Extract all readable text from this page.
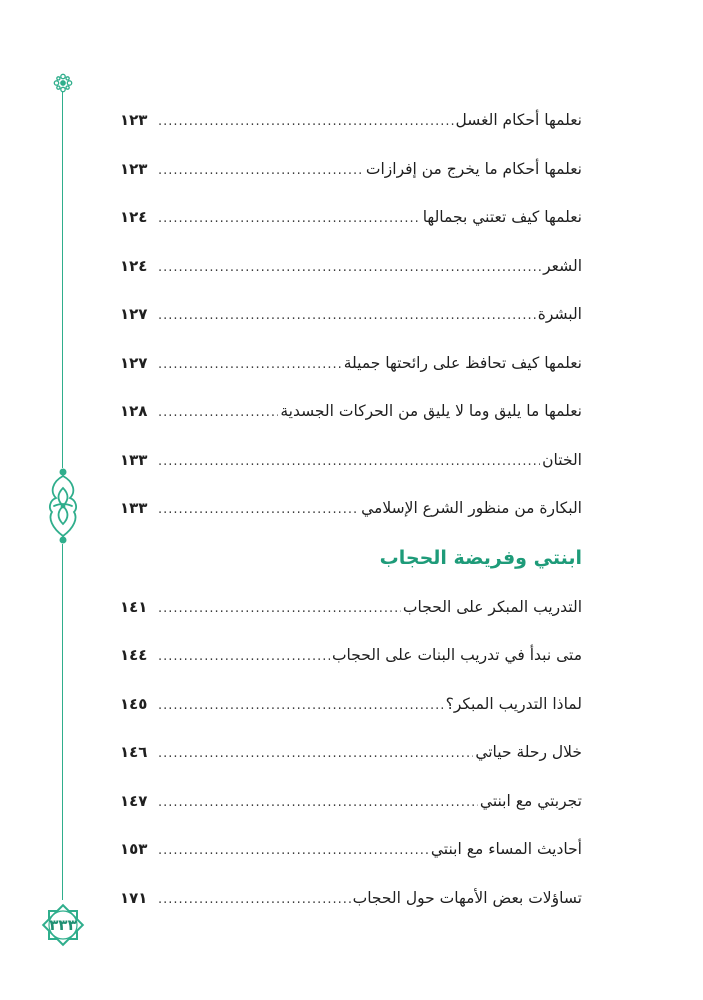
٣٣٣
نعلمها أحكام الغسل
.....
١٢٣
نعلمها أحكام ما يخرج من إفرازات
.....
١٢٣
نعلمها كيف تعتني بجمالها
.....
١٢٤
الشعر
.....
١٢٤
البشرة
.....
١٢٧
نعلمها كيف تحافظ على رائحتها جميلة
.....
١٢٧
نعلمها ما يليق وما لا يليق من الحركات الجسدية
.....
١٢٨
الختان
.....
١٣٣
البكارة من منظور الشرع الإسلامي
.....
١٣٣
ابنتي وفريضة الحجاب
التدريب المبكر على الحجاب
.....
١٤١
متى نبدأ في تدريب البنات على الحجاب
.....
١٤٤
لماذا التدريب المبكر؟
.....
١٤٥
خلال رحلة حياتي
.....
١٤٦
تجربتي مع ابنتي
.....
١٤٧
أحاديث المساء مع ابنتي
.....
١٥٣
تساؤلات بعض الأمهات حول الحجاب
.....
١٧١
